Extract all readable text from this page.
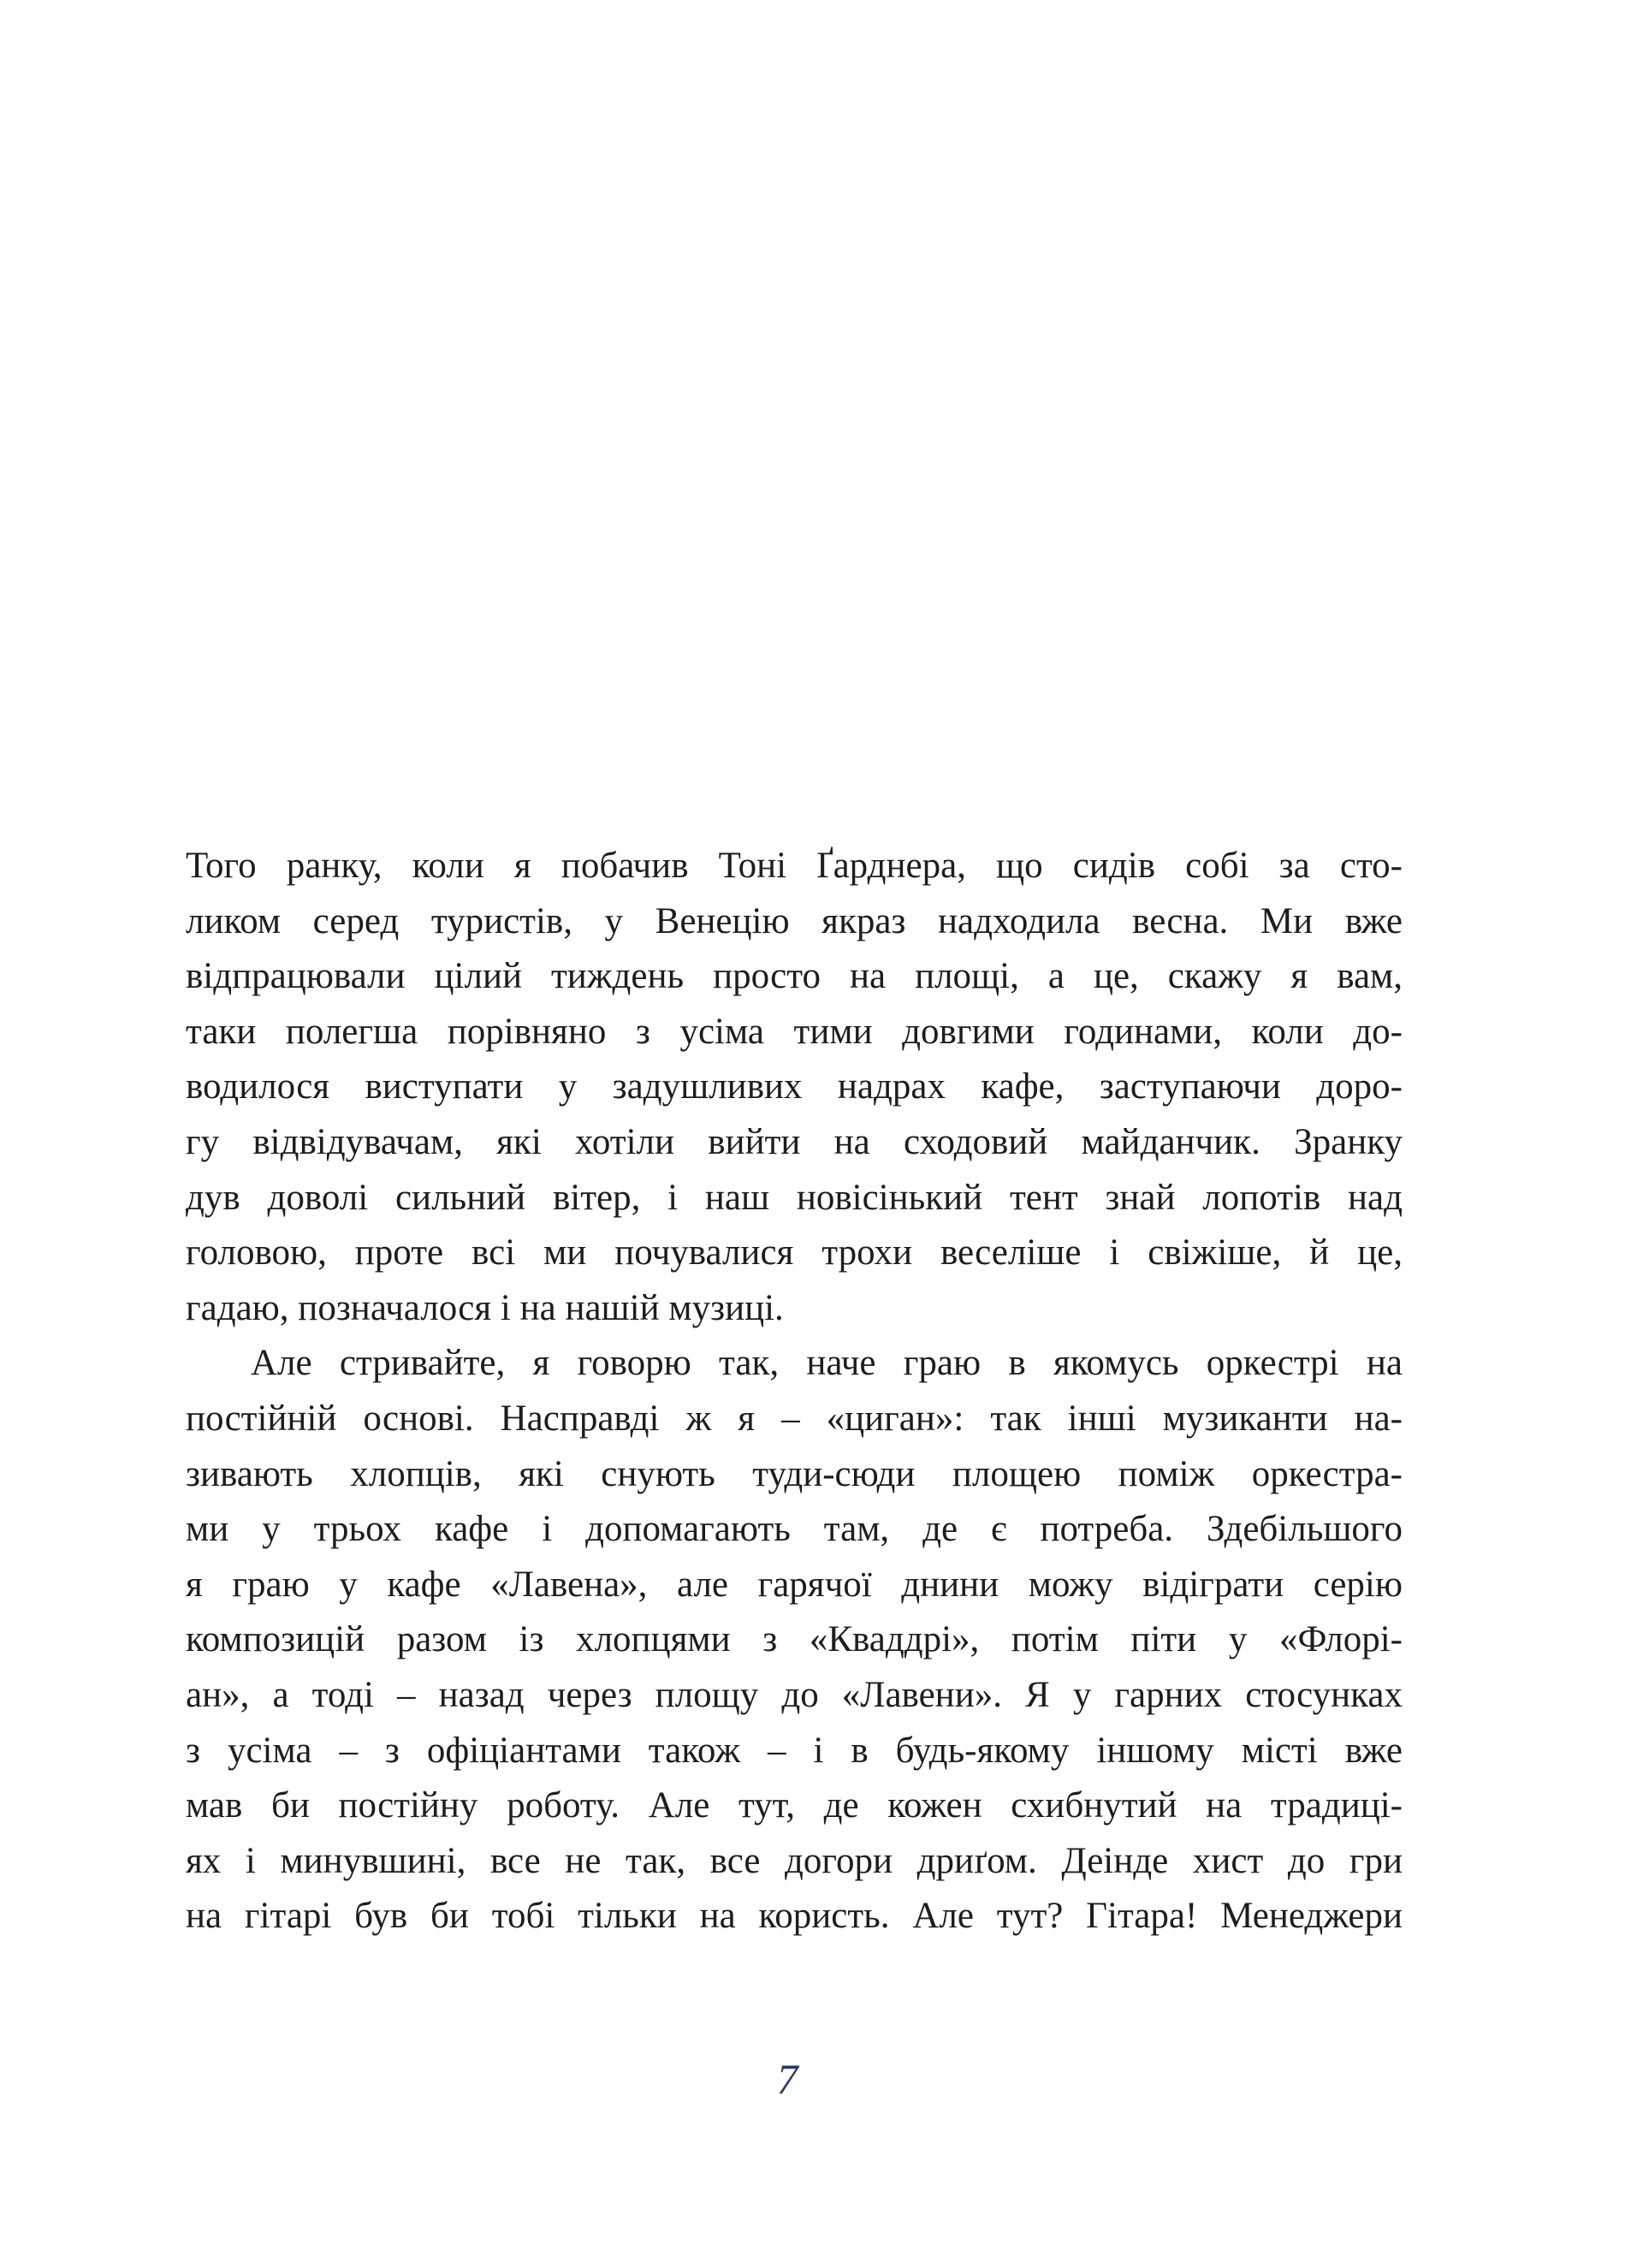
Того ранку, коли я побачив Тоні Ґарднера, що сидів собі за сто-
ликом серед туристів, у Венецію якраз надходила весна. Ми вже
відпрацювали цілий тиждень просто на площі, а це, скажу я вам,
таки полегша порівняно з усіма тими довгими годинами, коли до-
водилося виступати у задушливих надрах кафе, заступаючи доро-
гу відвідувачам, які хотіли вийти на сходовий майданчик. Зранку
дув доволі сильний вітер, і наш новісінький тент знай лопотів над
головою, проте всі ми почувалися трохи веселіше і свіжіше, й це,
гадаю, позначалося і на нашій музиці.
Але стривайте, я говорю так, наче граю в якомусь оркестрі на
постійній основі. Насправді ж я – «циган»: так інші музиканти на-
зивають хлопців, які снують туди-сюди площею поміж оркестра-
ми у трьох кафе і допомагають там, де є потреба. Здебільшого
я граю у кафе «Лавена», але гарячої днини можу відіграти серію
композицій разом із хлопцями з «Кваддрі», потім піти у «Флорі-
ан», а тоді – назад через площу до «Лавени». Я у гарних стосунках
з усіма – з офіціантами також – і в будь-якому іншому місті вже
мав би постійну роботу. Але тут, де кожен схибнутий на традиці-
ях і минувшині, все не так, все догори дриґом. Деінде хист до гри
на гітарі був би тобі тільки на користь. Але тут? Гітара! Менеджери
7
